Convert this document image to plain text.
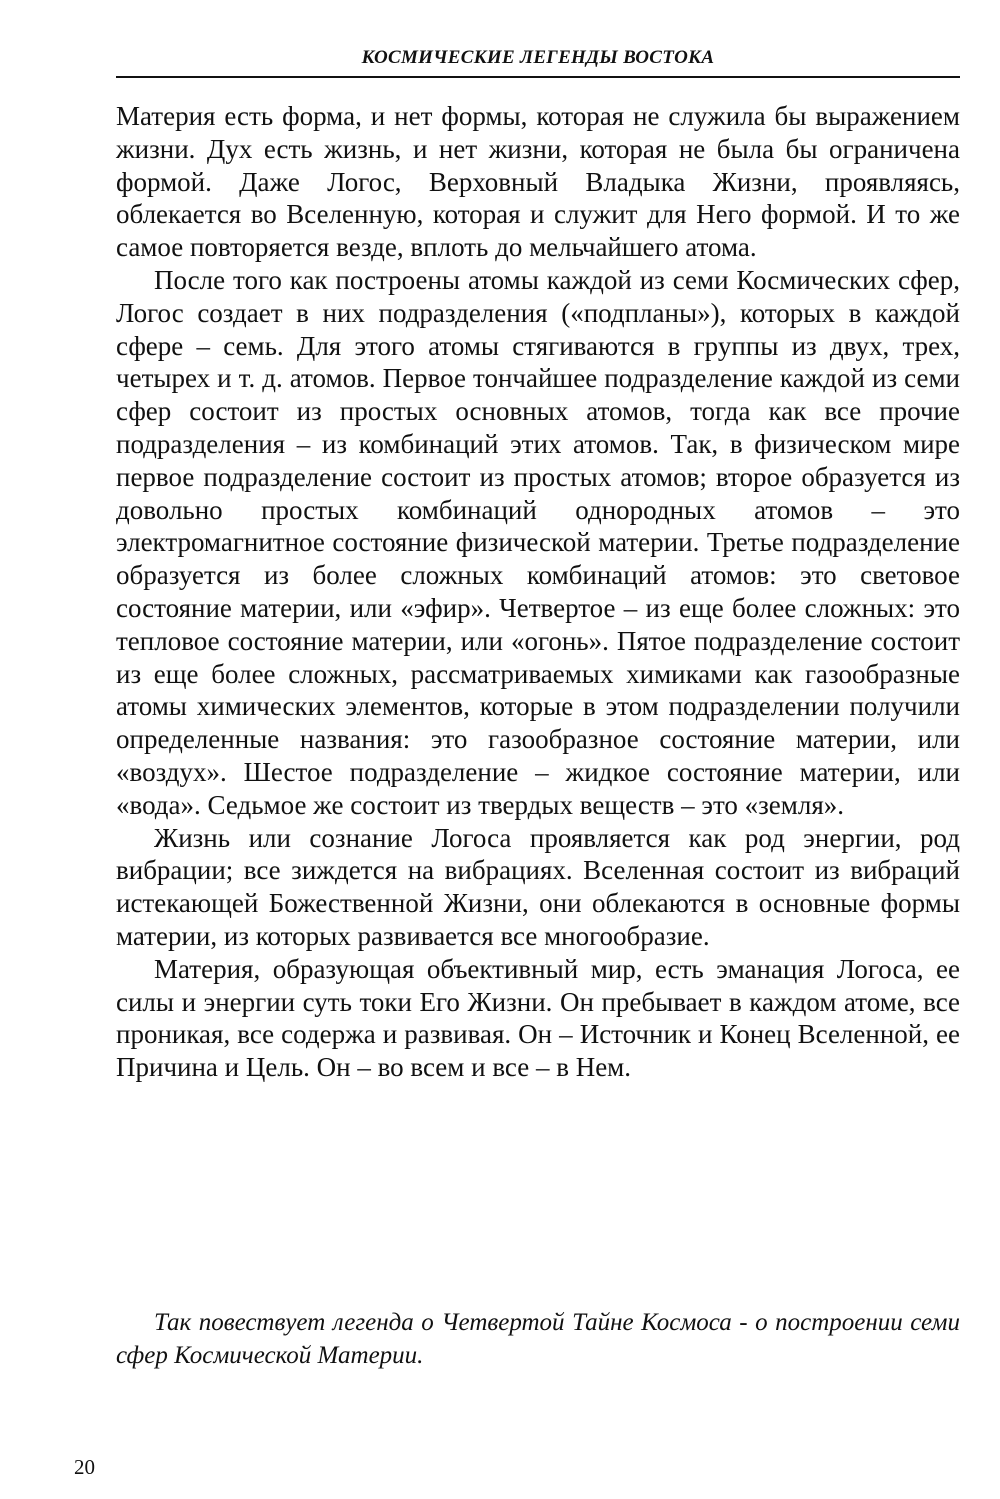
КОСМИЧЕСКИЕ ЛЕГЕНДЫ ВОСТОКА

Материя есть форма, и нет формы, которая не служила бы выражением жизни. Дух есть жизнь, и нет жизни, которая не была бы ограничена формой. Даже Логос, Верховный Владыка Жизни, проявляясь, облекается во Вселенную, которая и служит для Него формой. И то же самое повторяется везде, вплоть до мельчайшего атома.

После того как построены атомы каждой из семи Космических сфер, Логос создает в них подразделения («подпланы»), которых в каждой сфере – семь. Для этого атомы стягиваются в группы из двух, трех, четырех и т. д. атомов. Первое тончайшее подразделение каждой из семи сфер состоит из простых основных атомов, тогда как все прочие подразделения – из комбинаций этих атомов. Так, в физическом мире первое подразделение состоит из простых атомов; второе образуется из довольно простых комбинаций однородных атомов – это электромагнитное состояние физической материи. Третье подразделение образуется из более сложных комбинаций атомов: это световое состояние материи, или «эфир». Четвертое – из еще более сложных: это тепловое состояние материи, или «огонь». Пятое подразделение состоит из еще более сложных, рассматриваемых химиками как газообразные атомы химических элементов, которые в этом подразделении получили определенные названия: это газообразное состояние материи, или «воздух». Шестое подразделение – жидкое состояние материи, или «вода». Седьмое же состоит из твердых веществ – это «земля».

Жизнь или сознание Логоса проявляется как род энергии, род вибрации; все зиждется на вибрациях. Вселенная состоит из вибраций истекающей Божественной Жизни, они облекаются в основные формы материи, из которых развивается все многообразие.

Материя, образующая объективный мир, есть эманация Логоса, ее силы и энергии суть токи Его Жизни. Он пребывает в каждом атоме, все проникая, все содержа и развивая. Он – Источник и Конец Вселенной, ее Причина и Цель. Он – во всем и все – в Нем.

Так повествует легенда о Четвертой Тайне Космоса - о построении семи сфер Космической Материи.

20
